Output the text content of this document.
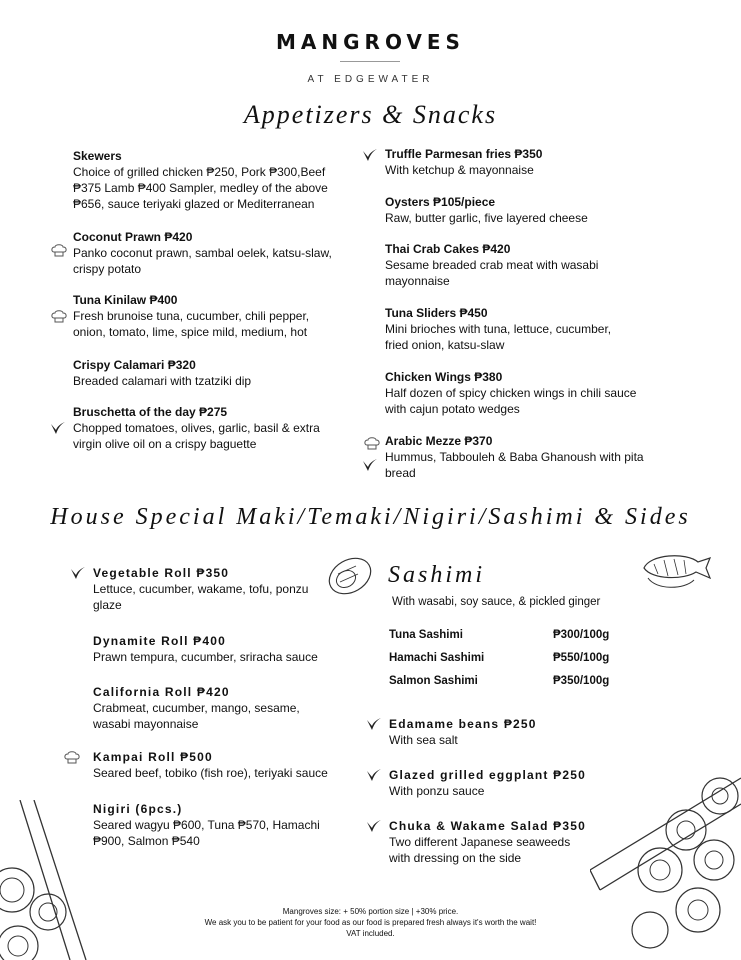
MANGROVES
AT EDGEWATER
Appetizers & Snacks
Skewers
Choice of grilled chicken ₱250, Pork ₱300,Beef
₱375 Lamb ₱400 Sampler, medley of the above
₱656, sauce teriyaki glazed or Mediterranean
Coconut Prawn ₱420
Panko coconut prawn, sambal oelek, katsu-slaw,
crispy potato
Tuna Kinilaw ₱400
Fresh brunoise tuna, cucumber, chili pepper,
onion, tomato, lime, spice mild, medium, hot
Crispy Calamari ₱320
Breaded calamari with tzatziki dip
Bruschetta of the day ₱275
Chopped tomatoes, olives, garlic, basil & extra
virgin olive oil on a crispy baguette
Truffle Parmesan fries ₱350
With ketchup & mayonnaise
Oysters ₱105/piece
Raw, butter garlic, five layered cheese
Thai Crab Cakes ₱420
Sesame breaded crab meat with wasabi
mayonnaise
Tuna Sliders ₱450
Mini brioches with tuna, lettuce, cucumber,
fried onion, katsu-slaw
Chicken Wings ₱380
Half dozen of spicy chicken wings in chili sauce
with cajun potato wedges
Arabic Mezze ₱370
Hummus, Tabbouleh & Baba Ghanoush with pita
bread
House Special Maki/Temaki/Nigiri/Sashimi & Sides
Vegetable Roll ₱350
Lettuce, cucumber, wakame, tofu, ponzu
glaze
Dynamite Roll ₱400
Prawn tempura, cucumber, sriracha sauce
California Roll ₱420
Crabmeat, cucumber, mango, sesame,
wasabi mayonnaise
Kampai Roll ₱500
Seared beef, tobiko (fish roe), teriyaki sauce
Nigiri (6pcs.)
Seared wagyu ₱600, Tuna ₱570, Hamachi
₱900, Salmon ₱540
Sashimi
With wasabi, soy sauce, & pickled ginger
Tuna Sashimi	₱300/100g
Hamachi Sashimi	₱550/100g
Salmon Sashimi	₱350/100g
Edamame beans ₱250
With sea salt
Glazed grilled eggplant ₱250
With ponzu sauce
Chuka & Wakame Salad ₱350
Two different Japanese seaweeds
with dressing on the side
Mangroves size: + 50% portion size | +30% price.
We ask you to be patient for your food as our food is prepared fresh always it's worth the wait!
VAT included.
